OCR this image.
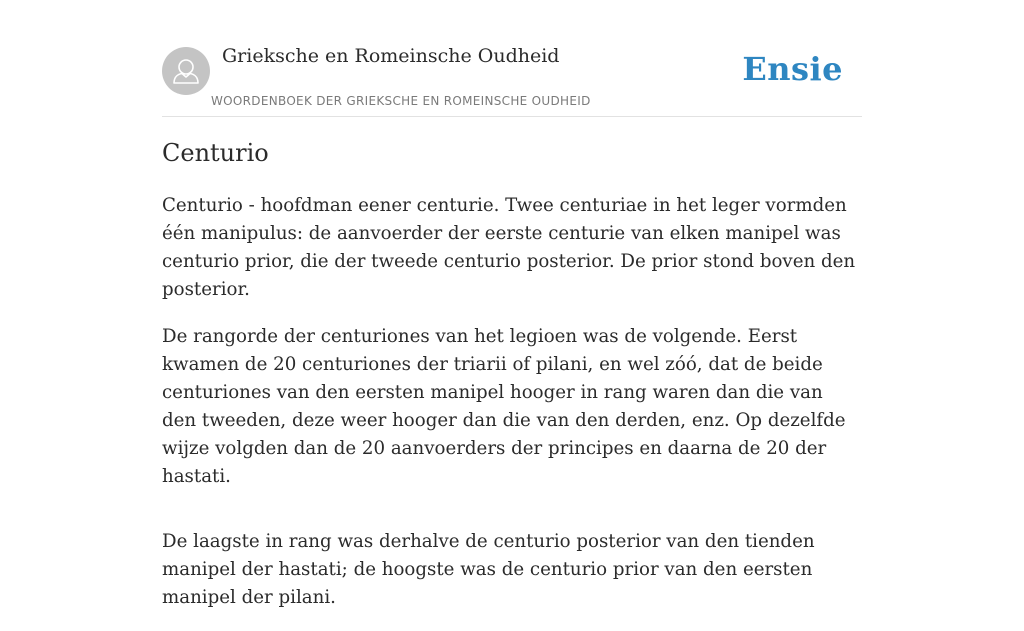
Grieksche en Romeinsche Oudheid
WOORDENBOEK DER GRIEKSCHE EN ROMEINSCHE OUDHEID
Ensie
Centurio

Centurio - hoofdman eener centurie. Twee centuriae in het leger vormden één manipulus: de aanvoerder der eerste centurie van elken manipel was centurio prior, die der tweede centurio posterior. De prior stond boven den posterior.

De rangorde der centuriones van het legioen was de volgende. Eerst kwamen de 20 centuriones der triarii of pilani, en wel zóó, dat de beide centuriones van den eersten manipel hooger in rang waren dan die van den tweeden, deze weer hooger dan die van den derden, enz. Op dezelfde wijze volgden dan de 20 aanvoerders der principes en daarna de 20 der hastati.

De laagste in rang was derhalve de centurio posterior van den tienden manipel der hastati; de hoogste was de centurio prior van den eersten manipel der pilani.
